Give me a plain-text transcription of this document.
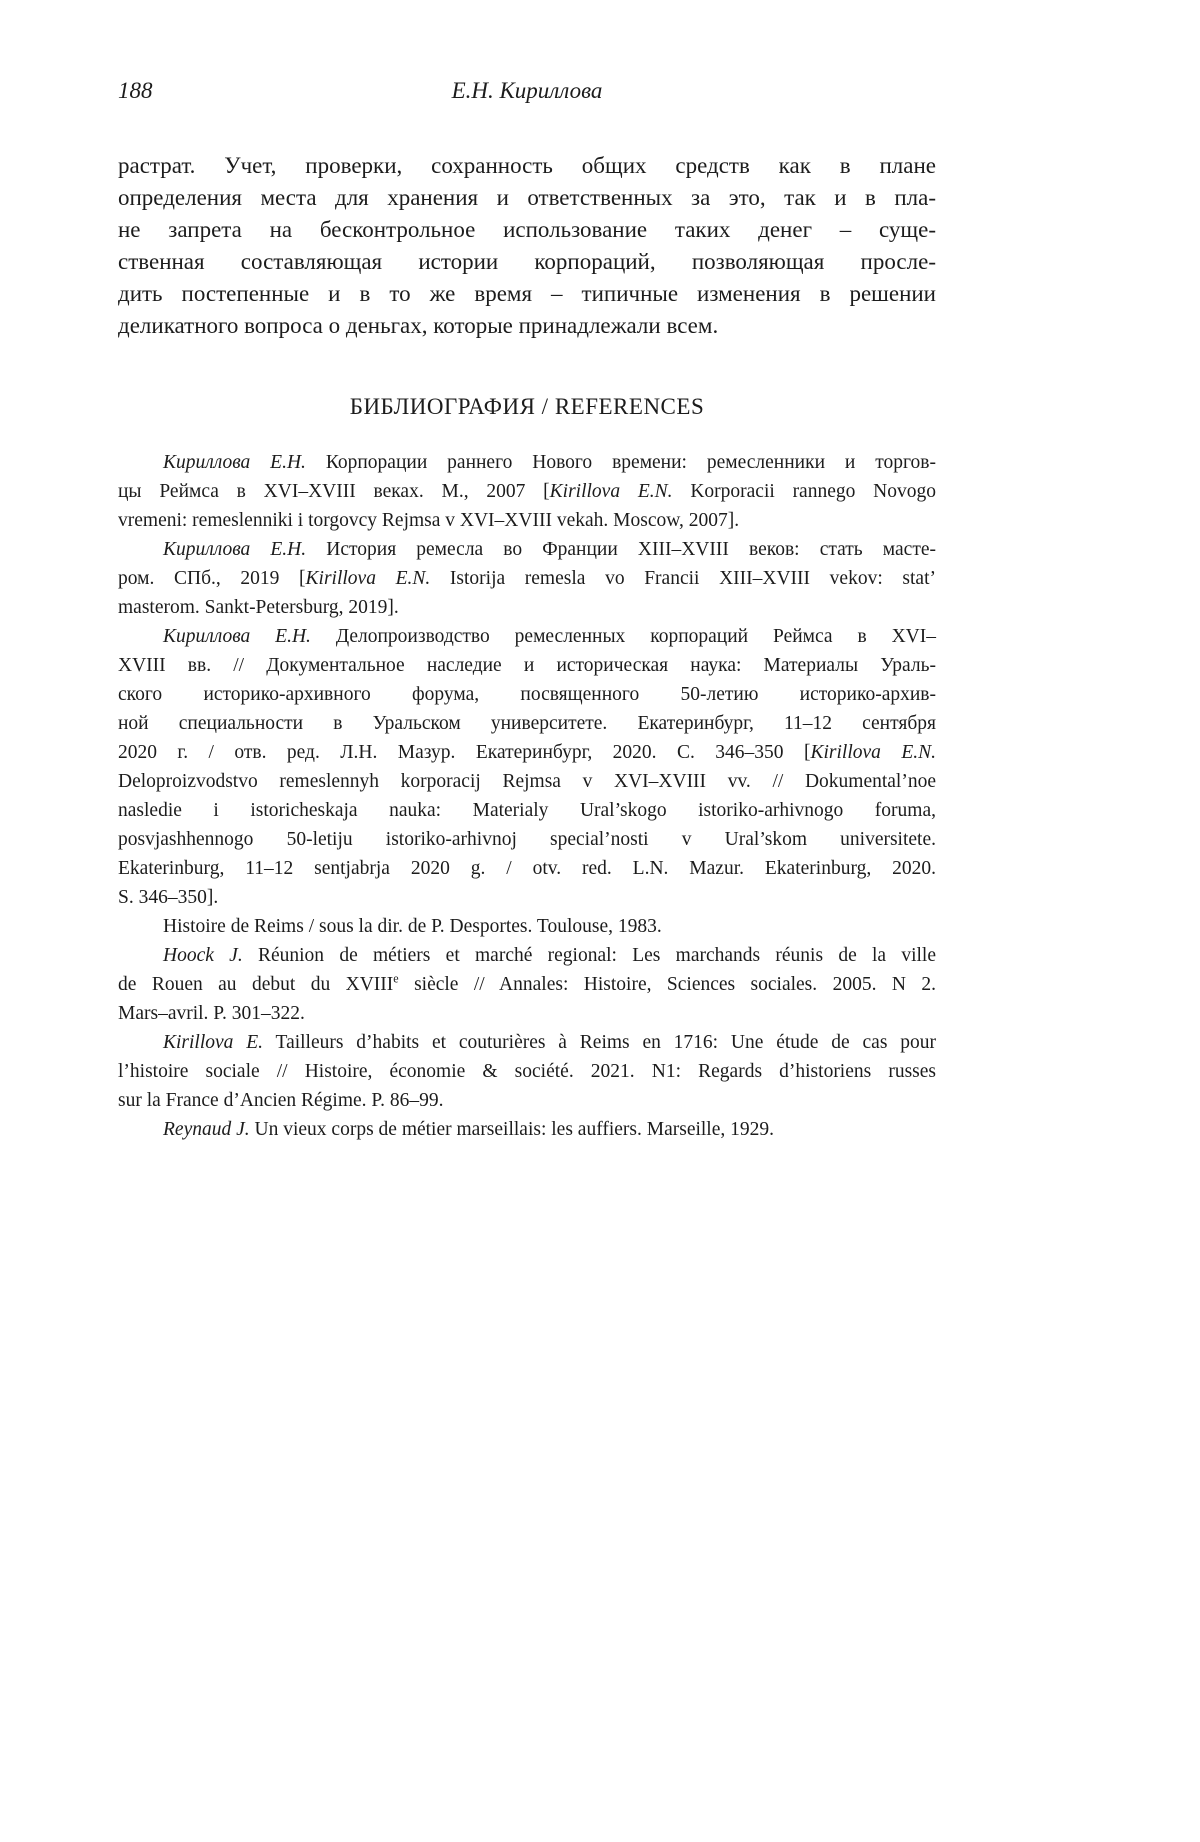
188	Е.Н. Кириллова
растрат. Учет, проверки, сохранность общих средств как в плане
определения места для хранения и ответственных за это, так и в пла-
не запрета на бесконтрольное использование таких денег – суще-
ственная составляющая истории корпораций, позволяющая просле-
дить постепенные и в то же время – типичные изменения в решении
деликатного вопроса о деньгах, которые принадлежали всем.
БИБЛИОГРАФИЯ / REFERENCES
Кириллова Е.Н. Корпорации раннего Нового времени: ремесленники и торгов-
цы Реймса в XVI–XVIII веках. М., 2007 [Kirillova E.N. Korporacii rannego Novogo
vremeni: remeslenniki i torgovcy Rejmsa v XVI–XVIII vekah. Moscow, 2007].
Кириллова Е.Н. История ремесла во Франции XIII–XVIII веков: стать масте-
ром. СПб., 2019 [Kirillova E.N. Istorija remesla vo Francii XIII–XVIII vekov: stat’
masterom. Sankt-Petersburg, 2019].
Кириллова Е.Н. Делопроизводство ремесленных корпораций Реймса в XVI–
XVIII вв. // Документальное наследие и историческая наука: Материалы Ураль-
ского историко-архивного форума, посвященного 50-летию историко-архив-
ной специальности в Уральском университете. Екатеринбург, 11–12 сентября
2020 г. / отв. ред. Л.Н. Мазур. Екатеринбург, 2020. С. 346–350 [Kirillova E.N.
Deloproizvodstvo remeslennyh korporacij Rejmsa v XVI–XVIII vv. // Dokumental’noe
nasledie i istoricheskaja nauka: Materialy Ural’skogo istoriko-arhivnogo foruma,
posvjashhennogo 50-letiju istoriko-arhivnoj special’nosti v Ural’skom universitete.
Ekaterinburg, 11–12 sentjabrja 2020 g. / otv. red. L.N. Mazur. Ekaterinburg, 2020.
S. 346–350].
Histoire de Reims / sous la dir. de P. Desportes. Toulouse, 1983.
Hoock J. Réunion de métiers et marché regional: Les marchands réunis de la ville
de Rouen au debut du XVIIIe siècle // Annales: Histoire, Sciences sociales. 2005. N 2.
Mars–avril. P. 301–322.
Kirillova E. Tailleurs d’habits et couturières à Reims en 1716: Une étude de cas pour
l’histoire sociale // Histoire, économie & société. 2021. N1: Regards d’historiens russes
sur la France d’Ancien Régime. P. 86–99.
Reynaud J. Un vieux corps de métier marseillais: les auffiers. Marseille, 1929.
